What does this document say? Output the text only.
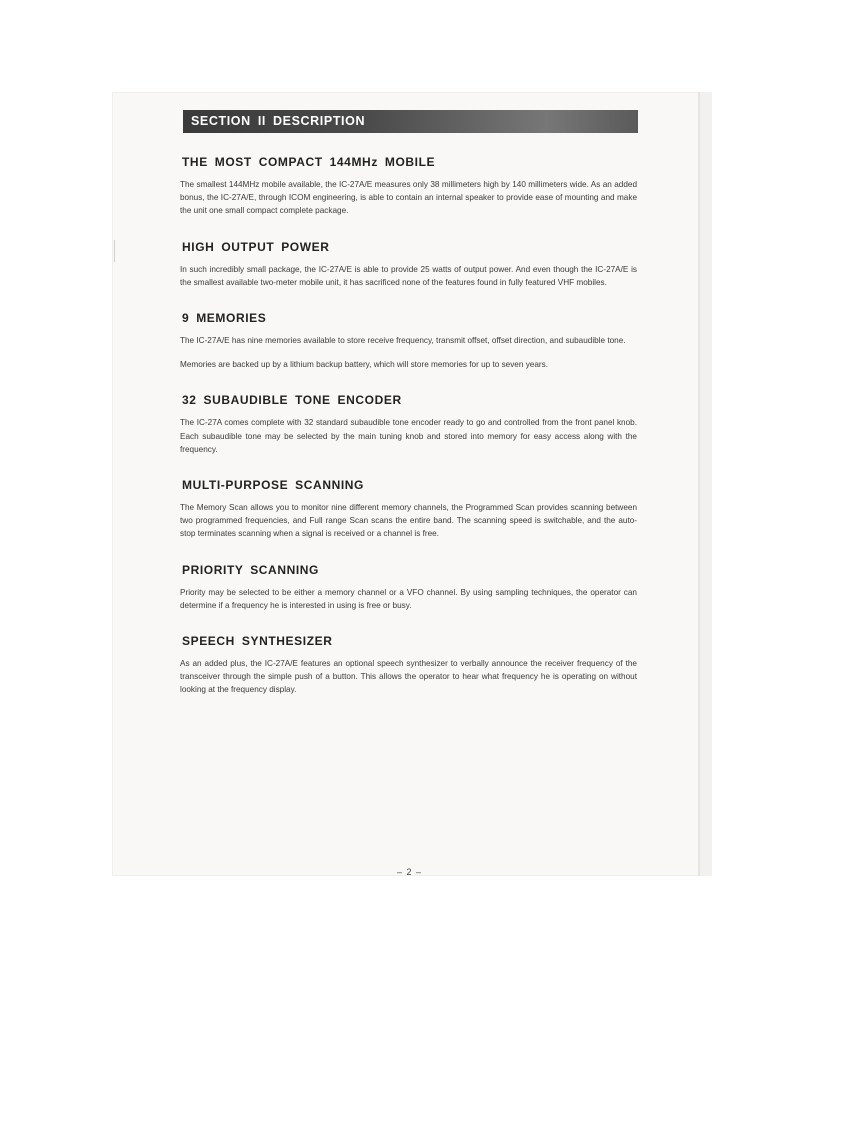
SECTION II DESCRIPTION
THE MOST COMPACT 144MHz MOBILE

The smallest 144MHz mobile available, the IC-27A/E measures only 38 millimeters high by 140 millimeters wide. As an added bonus, the IC-27A/E, through ICOM engineering, is able to contain an internal speaker to provide ease of mounting and make the unit one small compact complete package.

HIGH OUTPUT POWER

In such incredibly small package, the IC-27A/E is able to provide 25 watts of output power. And even though the IC-27A/E is the smallest available two-meter mobile unit, it has sacrificed none of the features found in fully featured VHF mobiles.

9 MEMORIES

The IC-27A/E has nine memories available to store receive frequency, transmit offset, offset direction, and subaudible tone.

Memories are backed up by a lithium backup battery, which will store memories for up to seven years.

32 SUBAUDIBLE TONE ENCODER

The IC-27A comes complete with 32 standard subaudible tone encoder ready to go and controlled from the front panel knob. Each subaudible tone may be selected by the main tuning knob and stored into memory for easy access along with the frequency.

MULTI-PURPOSE SCANNING

The Memory Scan allows you to monitor nine different memory channels, the Programmed Scan provides scanning between two programmed frequencies, and Full range Scan scans the entire band. The scanning speed is switchable, and the auto-stop terminates scanning when a signal is received or a channel is free.

PRIORITY SCANNING

Priority may be selected to be either a memory channel or a VFO channel. By using sampling techniques, the operator can determine if a frequency he is interested in using is free or busy.

SPEECH SYNTHESIZER

As an added plus, the IC-27A/E features an optional speech synthesizer to verbally announce the receiver frequency of the transceiver through the simple push of a button. This allows the operator to hear what frequency he is operating on without looking at the frequency display.

– 2 –
